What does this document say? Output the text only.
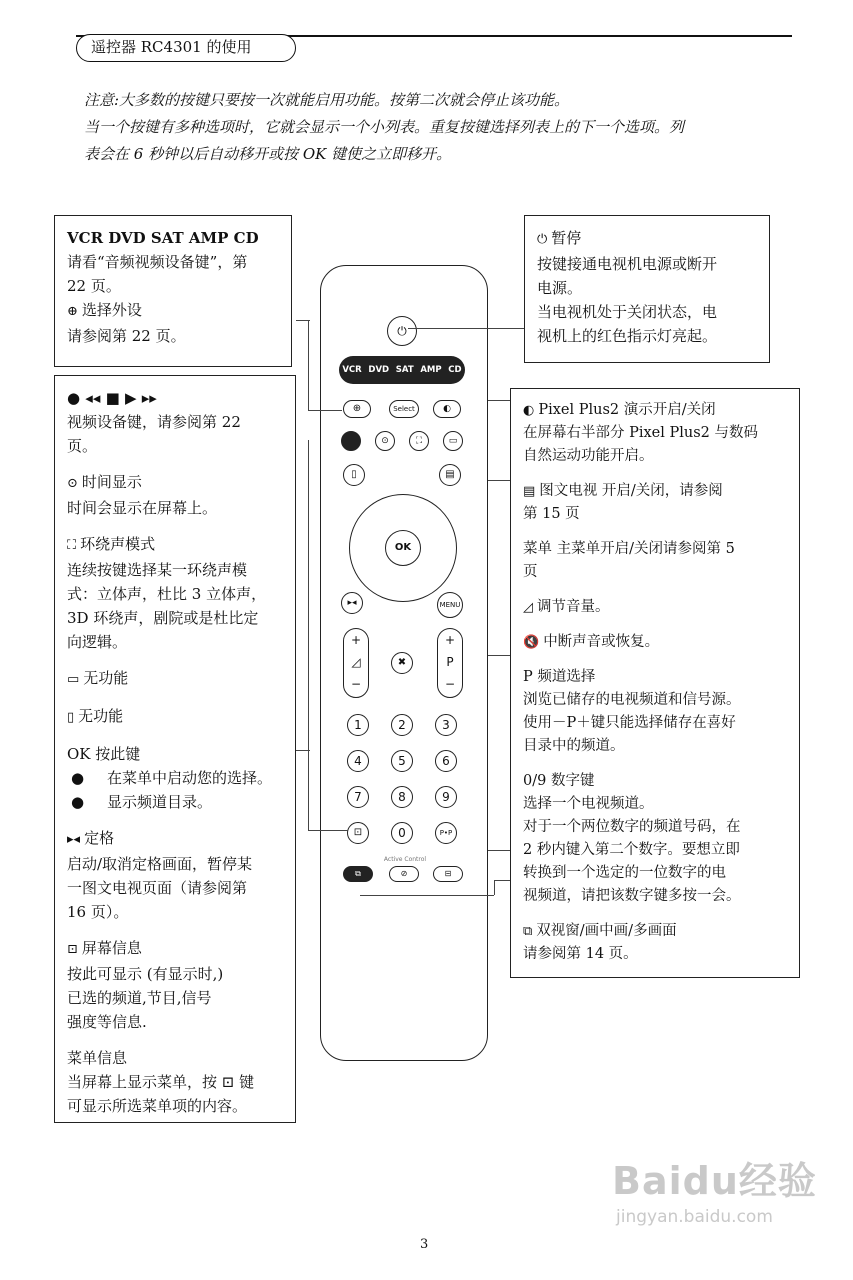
遥控器 RC4301 的使用

注意:大多数的按键只要按一次就能启用功能。按第二次就会停止该功能。

当一个按键有多种选项时，它就会显示一个小列表。重复按键选择列表上的下一个选项。列

表会在 6 秒钟以后自动移开或按 OK 键使之立即移开。

VCR DVD SAT AMP CD
请看“音频视频设备键”，第
22 页。
⊕ 选择外设
请参阅第 22 页。
● ◂◂ ■ ▶ ▸▸
视频设备键，请参阅第 22
页。
⊙ 时间显示
时间会显示在屏幕上。
⛶ 环绕声模式
连续按键选择某一环绕声模
式：立体声，杜比 3 立体声，
3D 环绕声，剧院或是杜比定
向逻辑。
▭ 无功能
▯ 无功能
OK 按此键
●	在菜单中启动您的选择。
●	显示频道目录。
▸◂ 定格
启动/取消定格画面，暂停某
一图文电视页面（请参阅第
16 页）。
⊡ 屏幕信息
按此可显示 (有显示时,)
已选的频道,节目,信号
强度等信息.
菜单信息
当屏幕上显示菜单，按 ⊡ 键
可显示所选菜单项的内容。
⏻ 暂停
按键接通电视机电源或断开
电源。
当电视机处于关闭状态，电
视机上的红色指示灯亮起。
◐ Pixel Plus2 演示开启/关闭
在屏幕右半部分 Pixel Plus2 与数码
自然运动功能开启。
▤ 图文电视 开启/关闭，请参阅
第 15 页
菜单 主菜单开启/关闭请参阅第 5
页
◿ 调节音量。
🔇 中断声音或恢复。
P 频道选择
浏览已储存的电视频道和信号源。
使用－P＋键只能选择储存在喜好
目录中的频道。
0/9 数字键
选择一个电视频道。
对于一个两位数字的频道号码，在
2 秒内键入第二个数字。要想立即
转换到一个选定的一位数字的电
视频道，请把该数字键多按一会。
⧉ 双视窗/画中画/多画面
请参阅第 14 页。
⏻
VCR DVD SAT AMP CD
⊕	Select	◐
⊙	⛶	▭
▯	▤
OK
▸◂	MENU
+
◿
−
✖
+
P
−
1	2	3
4	5	6
7	8	9
⊡	0	P•P
Active Control
⧉	⊘	⊟
3
Baidu经验
jingyan.baidu.com
